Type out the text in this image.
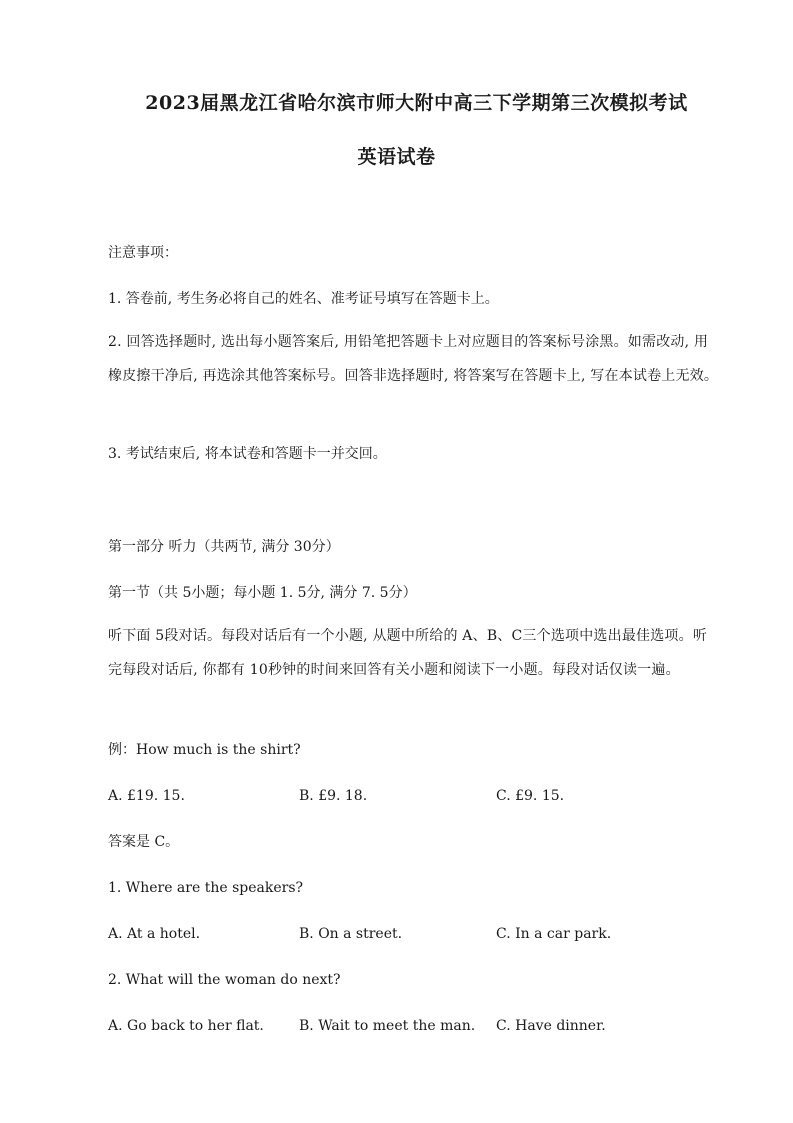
2023届黑龙江省哈尔滨市师大附中高三下学期第三次模拟考试
英语试卷
注意事项：
1. 答卷前, 考生务必将自己的姓名、准考证号填写在答题卡上。
2. 回答选择题时, 选出每小题答案后, 用铅笔把答题卡上对应题目的答案标号涂黑。如需改动, 用橡皮擦干净后, 再选涂其他答案标号。回答非选择题时, 将答案写在答题卡上, 写在本试卷上无效。
3. 考试结束后, 将本试卷和答题卡一并交回。
第一部分 听力（共两节, 满分 30分）
第一节（共 5小题；每小题 1. 5分, 满分 7. 5分）
听下面 5段对话。每段对话后有一个小题, 从题中所给的 A、B、C三个选项中选出最佳选项。听完每段对话后, 你都有 10秒钟的时间来回答有关小题和阅读下一小题。每段对话仅读一遍。
例：How much is the shirt?
A. £19. 15.	B. £9. 18.	C. £9. 15.
答案是 C。
1. Where are the speakers?
A. At a hotel.	B. On a street.	C. In a car park.
2. What will the woman do next?
A. Go back to her flat.	B. Wait to meet the man. C. Have dinner.
